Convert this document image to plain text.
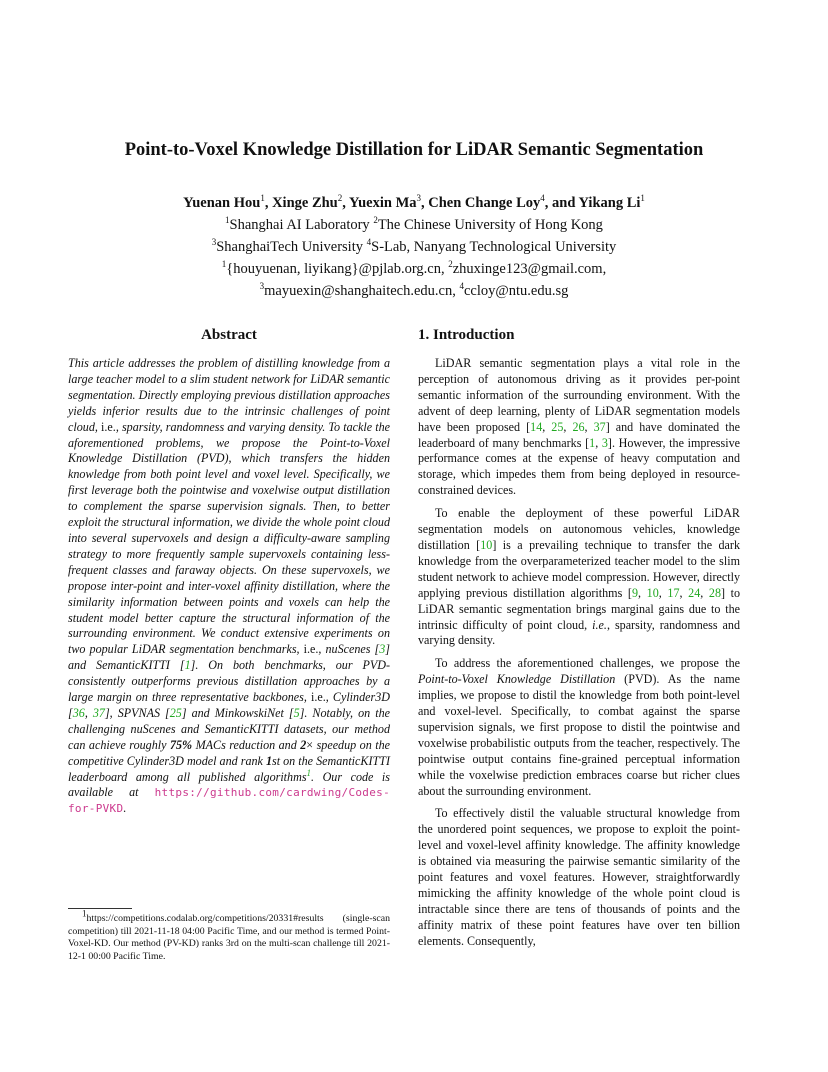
Point-to-Voxel Knowledge Distillation for LiDAR Semantic Segmentation

Yuenan Hou$^1$, Xinge Zhu$^2$, Yuexin Ma$^3$, Chen Change Loy$^4$, and Yikang Li$^1$

$^1$Shanghai AI Laboratory $^2$The Chinese University of Hong Kong

$^3$ShanghaiTech University $^4$S-Lab, Nanyang Technological University

$^1${houyuenan, liyikang}@pjlab.org.cn, $^2$zhuxinge123@gmail.com,

$^3$mayuexin@shanghaitech.edu.cn, $^4$ccloy@ntu.edu.sg

Abstract

This article addresses the problem of distilling knowledge from a large teacher model to a slim student network for LiDAR semantic segmentation. Directly employing previous distillation approaches yields inferior results due to the intrinsic challenges of point cloud, i.e., sparsity, randomness and varying density. To tackle the aforementioned problems, we propose the Point-to-Voxel Knowledge Distillation (PVD), which transfers the hidden knowledge from both point level and voxel level. Specifically, we first leverage both the pointwise and voxelwise output distillation to complement the sparse supervision signals. Then, to better exploit the structural information, we divide the whole point cloud into several supervoxels and design a difficulty-aware sampling strategy to more frequently sample supervoxels containing less-frequent classes and faraway objects. On these supervoxels, we propose inter-point and inter-voxel affinity distillation, where the similarity information between points and voxels can help the student model better capture the structural information of the surrounding environment. We conduct extensive experiments on two popular LiDAR segmentation benchmarks, i.e., nuScenes [3] and SemanticKITTI [1]. On both benchmarks, our PVD-consistently outperforms previous distillation approaches by a large margin on three representative backbones, i.e., Cylinder3D [36, 37], SPVNAS [25] and MinkowskiNet [5]. Notably, on the challenging nuScenes and SemanticKITTI datasets, our method can achieve roughly 75% MACs reduction and 2× speedup on the competitive Cylinder3D model and rank 1st on the SemanticKITTI leaderboard among all published algorithms$^1$. Our code is available at https://github.com/cardwing/Codes-for-PVKD.

1. Introduction

LiDAR semantic segmentation plays a vital role in the perception of autonomous driving as it provides per-point semantic information of the surrounding environment. With the advent of deep learning, plenty of LiDAR segmentation models have been proposed [14, 25, 26, 37] and have dominated the leaderboard of many benchmarks [1, 3]. However, the impressive performance comes at the expense of heavy computation and storage, which impedes them from being deployed in resource-constrained devices.

To enable the deployment of these powerful LiDAR segmentation models on autonomous vehicles, knowledge distillation [10] is a prevailing technique to transfer the dark knowledge from the overparameterized teacher model to the slim student network to achieve model compression. However, directly applying previous distillation algorithms [9, 10, 17, 24, 28] to LiDAR semantic segmentation brings marginal gains due to the intrinsic difficulty of point cloud, i.e., sparsity, randomness and varying density.

To address the aforementioned challenges, we propose the Point-to-Voxel Knowledge Distillation (PVD). As the name implies, we propose to distil the knowledge from both point-level and voxel-level. Specifically, to combat against the sparse supervision signals, we first propose to distil the pointwise and voxelwise probabilistic outputs from the teacher, respectively. The pointwise output contains fine-grained perceptual information while the voxelwise prediction embraces coarse but richer clues about the surrounding environment.

To effectively distil the valuable structural knowledge from the unordered point sequences, we propose to exploit the point-level and voxel-level affinity knowledge. The affinity knowledge is obtained via measuring the pairwise semantic similarity of the point features and voxel features. However, straightforwardly mimicking the affinity knowledge of the whole point cloud is intractable since there are tens of thousands of points and the affinity matrix of these point features have over ten billion elements. Consequently,

$^1$https://competitions.codalab.org/competitions/20331#results (single-scan competition) till 2021-11-18 04:00 Pacific Time, and our method is termed Point-Voxel-KD. Our method (PV-KD) ranks 3rd on the multi-scan challenge till 2021-12-1 00:00 Pacific Time.
